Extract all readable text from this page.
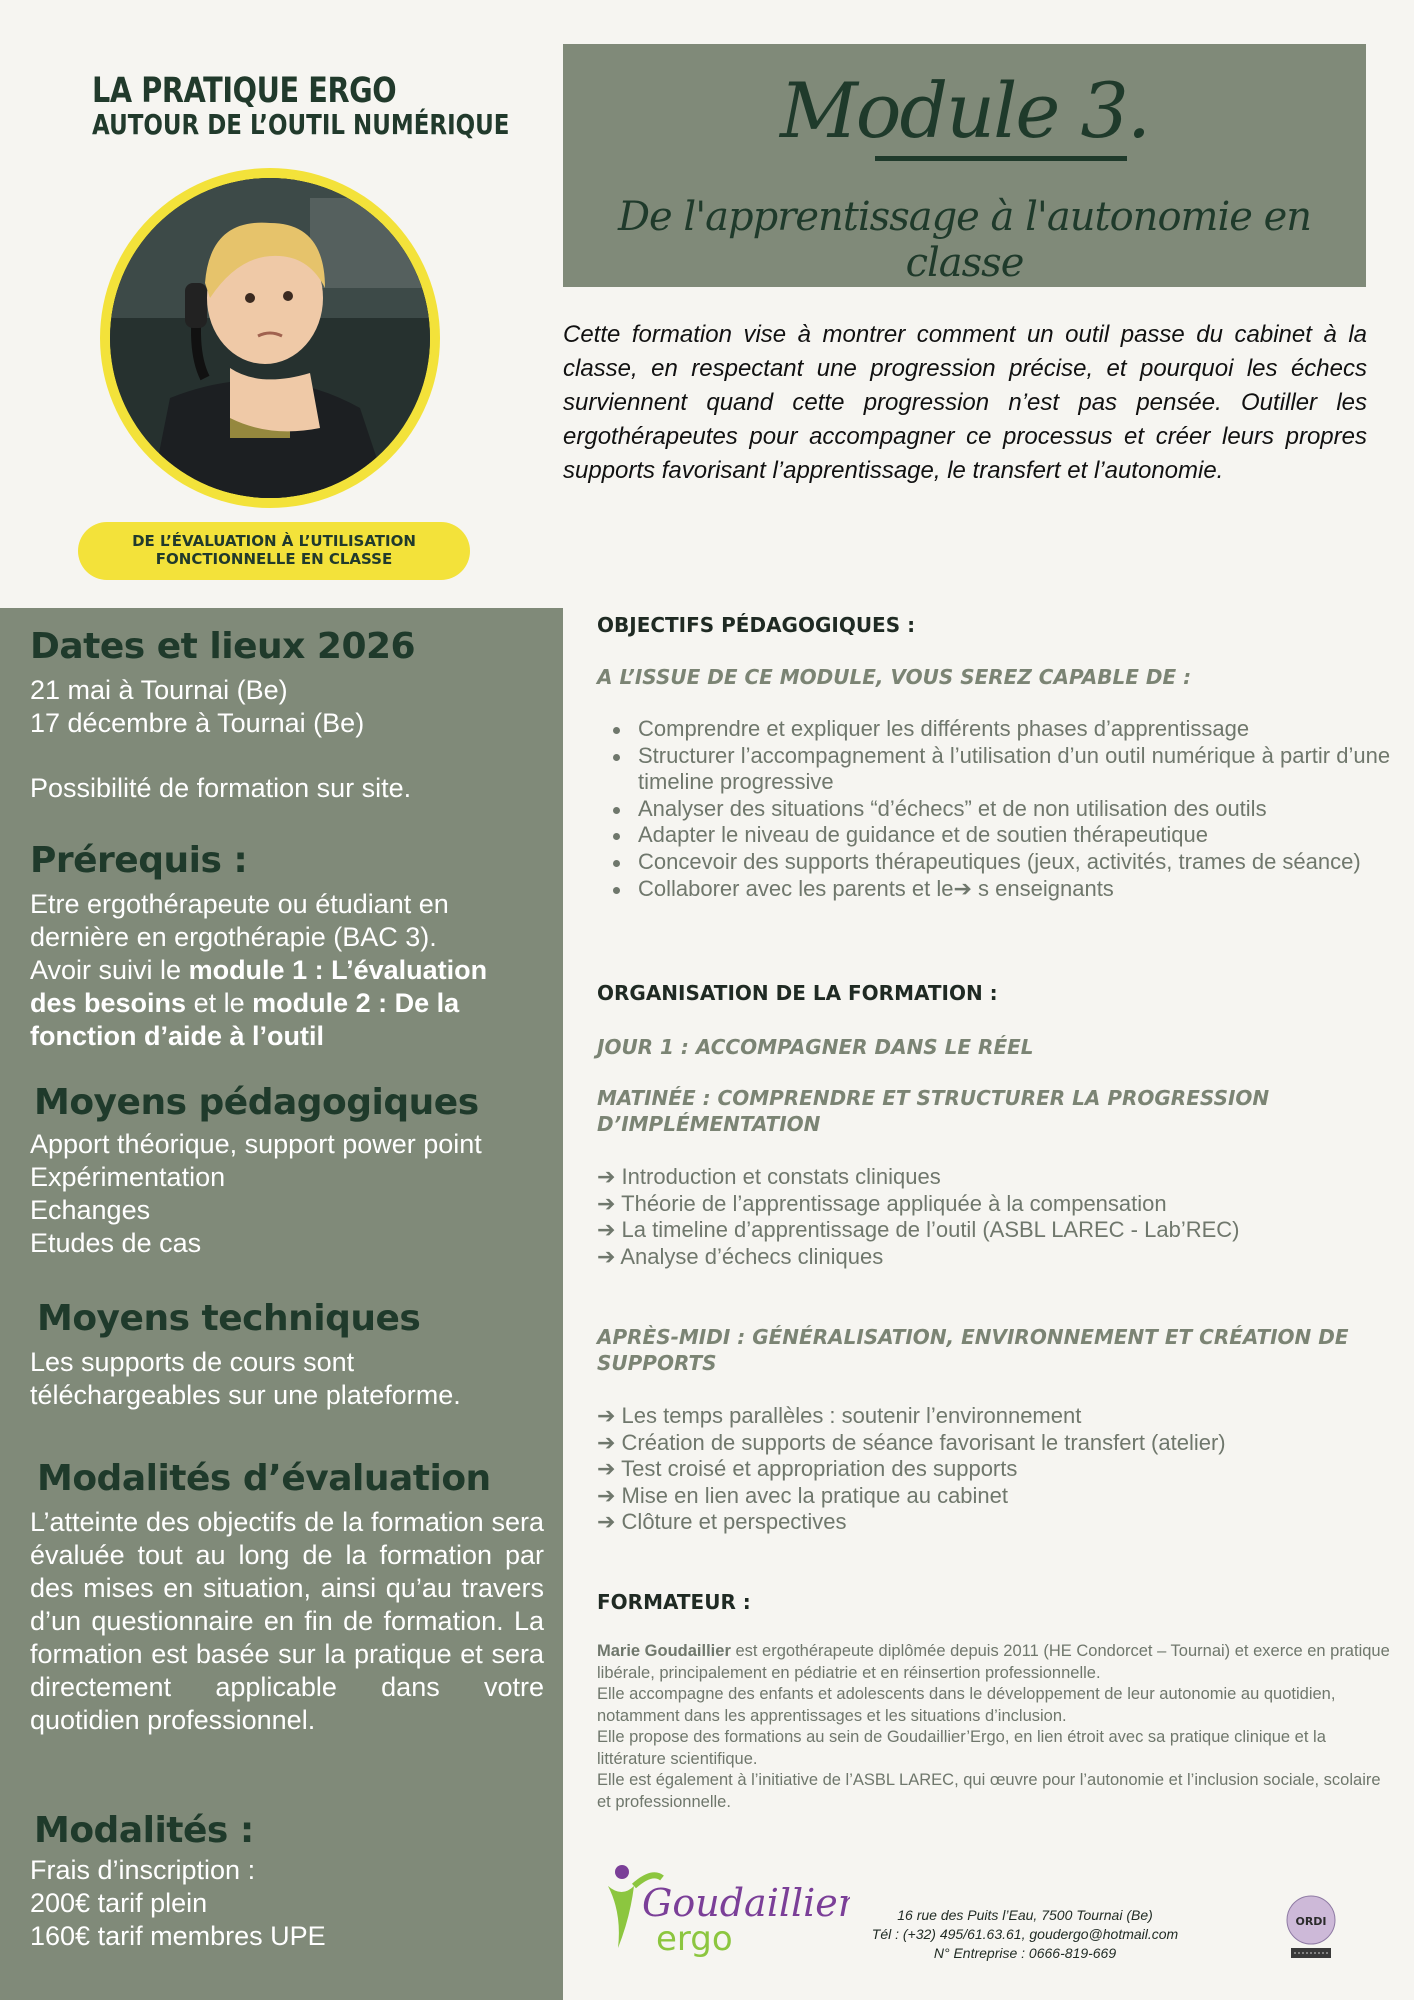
LA PRATIQUE ERGO
AUTOUR DE L’OUTIL NUMÉRIQUE
DE L’ÉVALUATION À L’UTILISATION
FONCTIONNELLE EN CLASSE
Module 3.
De l'apprentissage à l'autonomie en classe
Cette formation vise à montrer comment un outil passe du cabinet à la classe, en respectant une progression précise, et pourquoi les échecs surviennent quand cette progression n’est pas pensée. Outiller les ergothérapeutes pour accompagner ce processus et créer leurs propres supports favorisant l’apprentissage, le transfert et l’autonomie.
Dates et lieux 2026
21 mai à Tournai (Be)
17 décembre à Tournai (Be)
Possibilité de formation sur site.
Prérequis :
Etre ergothérapeute ou étudiant en
dernière en ergothérapie (BAC 3).
Avoir suivi le module 1 : L’évaluation
des besoins et le module 2 : De la
fonction d’aide à l’outil
Moyens pédagogiques
Apport théorique, support power point
Expérimentation
Echanges
Etudes de cas
Moyens techniques
Les supports de cours sont
téléchargeables sur une plateforme.
Modalités d’évaluation
L’atteinte des objectifs de la formation sera évaluée tout au long de la formation par des mises en situation, ainsi qu’au travers d’un questionnaire en fin de formation. La formation est basée sur la pratique et sera directement applicable dans votre quotidien professionnel.
Modalités :
Frais d’inscription :
200€ tarif plein
160€ tarif membres UPE
OBJECTIFS PÉDAGOGIQUES :
A L’ISSUE DE CE MODULE, VOUS SEREZ CAPABLE DE :
Comprendre et expliquer les différents phases d’apprentissage
Structurer l’accompagnement à l’utilisation d’un outil numérique à partir d’une timeline progressive
Analyser des situations “d’échecs” et de non utilisation des outils
Adapter le niveau de guidance et de soutien thérapeutique
Concevoir des supports thérapeutiques (jeux, activités, trames de séance)
Collaborer avec les parents et le➔ s enseignants
ORGANISATION DE LA FORMATION :
JOUR 1 : ACCOMPAGNER DANS LE RÉEL
MATINÉE : COMPRENDRE ET STRUCTURER LA PROGRESSION D’IMPLÉMENTATION
➔ Introduction et constats cliniques
➔ Théorie de l’apprentissage appliquée à la compensation
➔ La timeline d’apprentissage de l’outil (ASBL LAREC - Lab’REC)
➔ Analyse d’échecs cliniques
APRÈS-MIDI : GÉNÉRALISATION, ENVIRONNEMENT ET CRÉATION DE SUPPORTS
➔ Les temps parallèles : soutenir l’environnement
➔ Création de supports de séance favorisant le transfert (atelier)
➔ Test croisé et appropriation des supports
➔ Mise en lien avec la pratique au cabinet
➔ Clôture et perspectives
FORMATEUR :
Marie Goudaillier est ergothérapeute diplômée depuis 2011 (HE Condorcet – Tournai) et exerce en pratique libérale, principalement en pédiatrie et en réinsertion professionnelle.
Elle accompagne des enfants et adolescents dans le développement de leur autonomie au quotidien, notamment dans les apprentissages et les situations d’inclusion.
Elle propose des formations au sein de Goudaillier’Ergo, en lien étroit avec sa pratique clinique et la littérature scientifique.
Elle est également à l’initiative de l’ASBL LAREC, qui œuvre pour l’autonomie et l’inclusion sociale, scolaire et professionnelle.
Goudaillier
ergo
16 rue des Puits l’Eau, 7500 Tournai (Be)
Tél : (+32) 495/61.63.61, goudergo@hotmail.com
N° Entreprise : 0666-819-669
ORDI
